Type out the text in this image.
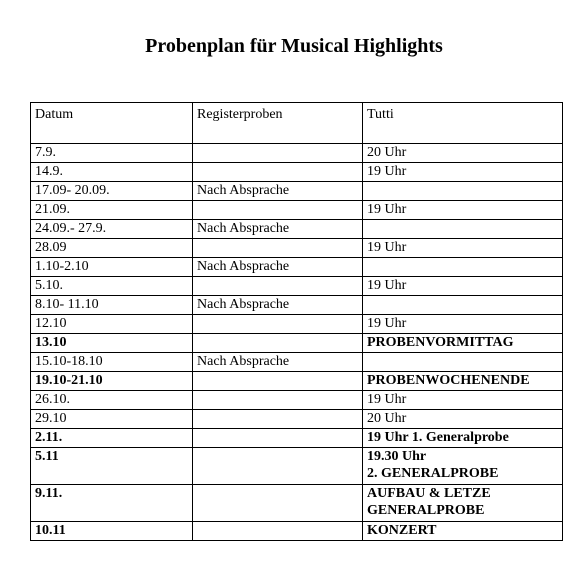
Probenplan für Musical Highlights
Datum	Registerproben	Tutti
7.9.		20 Uhr

14.9.		19 Uhr

17.09- 20.09.	Nach Absprache	

21.09.		19 Uhr

24.09.- 27.9.	Nach Absprache	

28.09		19 Uhr

1.10-2.10	Nach Absprache	

5.10.		19 Uhr

8.10- 11.10	Nach Absprache	

12.10		19 Uhr

13.10		PROBENVORMITTAG

15.10-18.10	Nach Absprache	

19.10-21.10		PROBENWOCHENENDE

26.10.		19 Uhr

29.10		20 Uhr

2.11.		19 Uhr 1. Generalprobe

5.11		19.30 Uhr
2. GENERALPROBE

9.11.		AUFBAU & LETZE
GENERALPROBE

10.11		KONZERT
